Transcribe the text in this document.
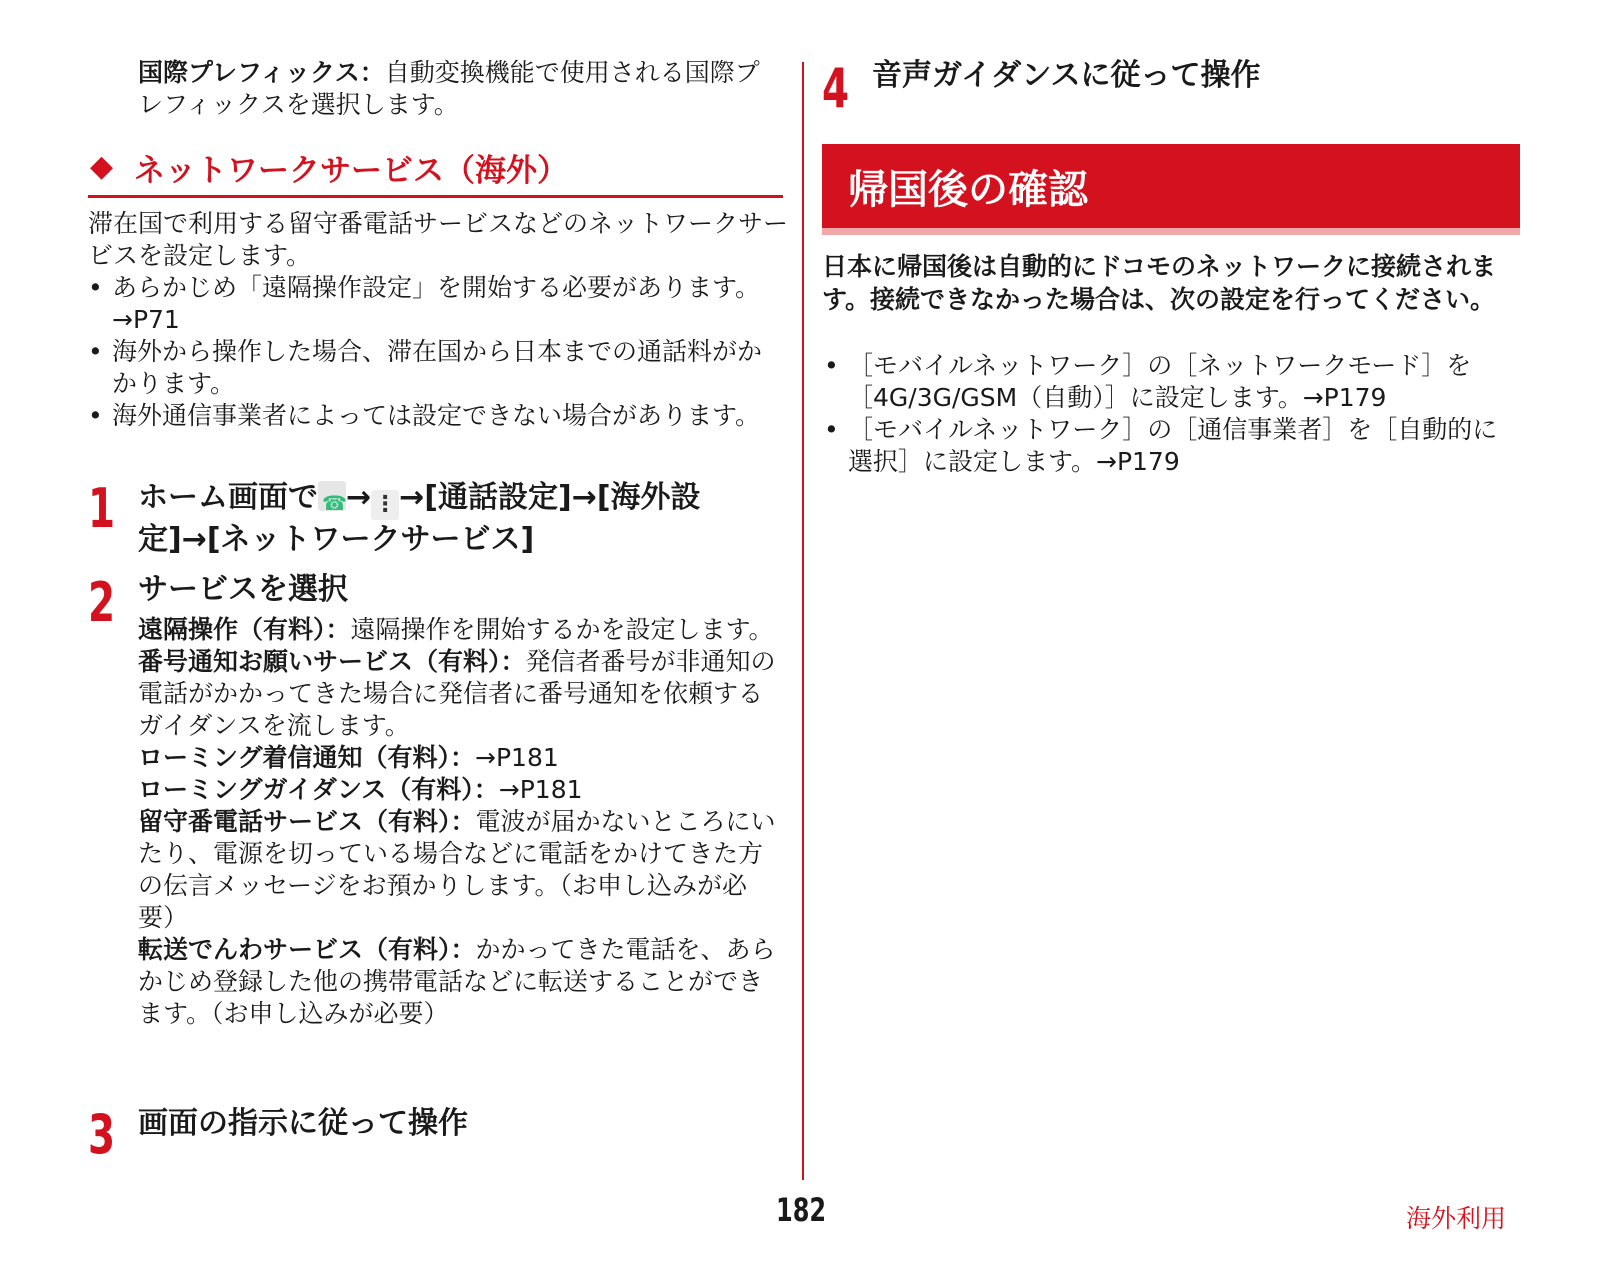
国際プレフィックス：自動変換機能で使用される国際プレフィックスを選択します。
◆ ネットワークサービス（海外）
滞在国で利用する留守番電話サービスなどのネットワークサービスを設定します。
• あらかじめ「遠隔操作設定」を開始する必要があります。→P71
• 海外から操作した場合、滞在国から日本までの通話料がかかります。
• 海外通信事業者によっては設定できない場合があります。
1 ホーム画面で☎ → ⋮ →[通話設定]→[海外設定]→[ネットワークサービス]
2 サービスを選択

遠隔操作（有料）：遠隔操作を開始するかを設定します。

番号通知お願いサービス（有料）：発信者番号が非通知の電話がかかってきた場合に発信者に番号通知を依頼するガイダンスを流します。

ローミング着信通知（有料）：→P181

ローミングガイダンス（有料）：→P181

留守番電話サービス（有料）：電波が届かないところにいたり、電源を切っている場合などに電話をかけてきた方の伝言メッセージをお預かりします。（お申し込みが必要）

転送でんわサービス（有料）：かかってきた電話を、あらかじめ登録した他の携帯電話などに転送することができます。（お申し込みが必要）

3 画面の指示に従って操作
4 音声ガイダンスに従って操作
帰国後の確認
日本に帰国後は自動的にドコモのネットワークに接続されます。接続できなかった場合は、次の設定を行ってください。
• ［モバイルネットワーク］の［ネットワークモード］を［4G/3G/GSM（自動）］に設定します。→P179
• ［モバイルネットワーク］の［通信事業者］を［自動的に選択］に設定します。→P179
182	海外利用
